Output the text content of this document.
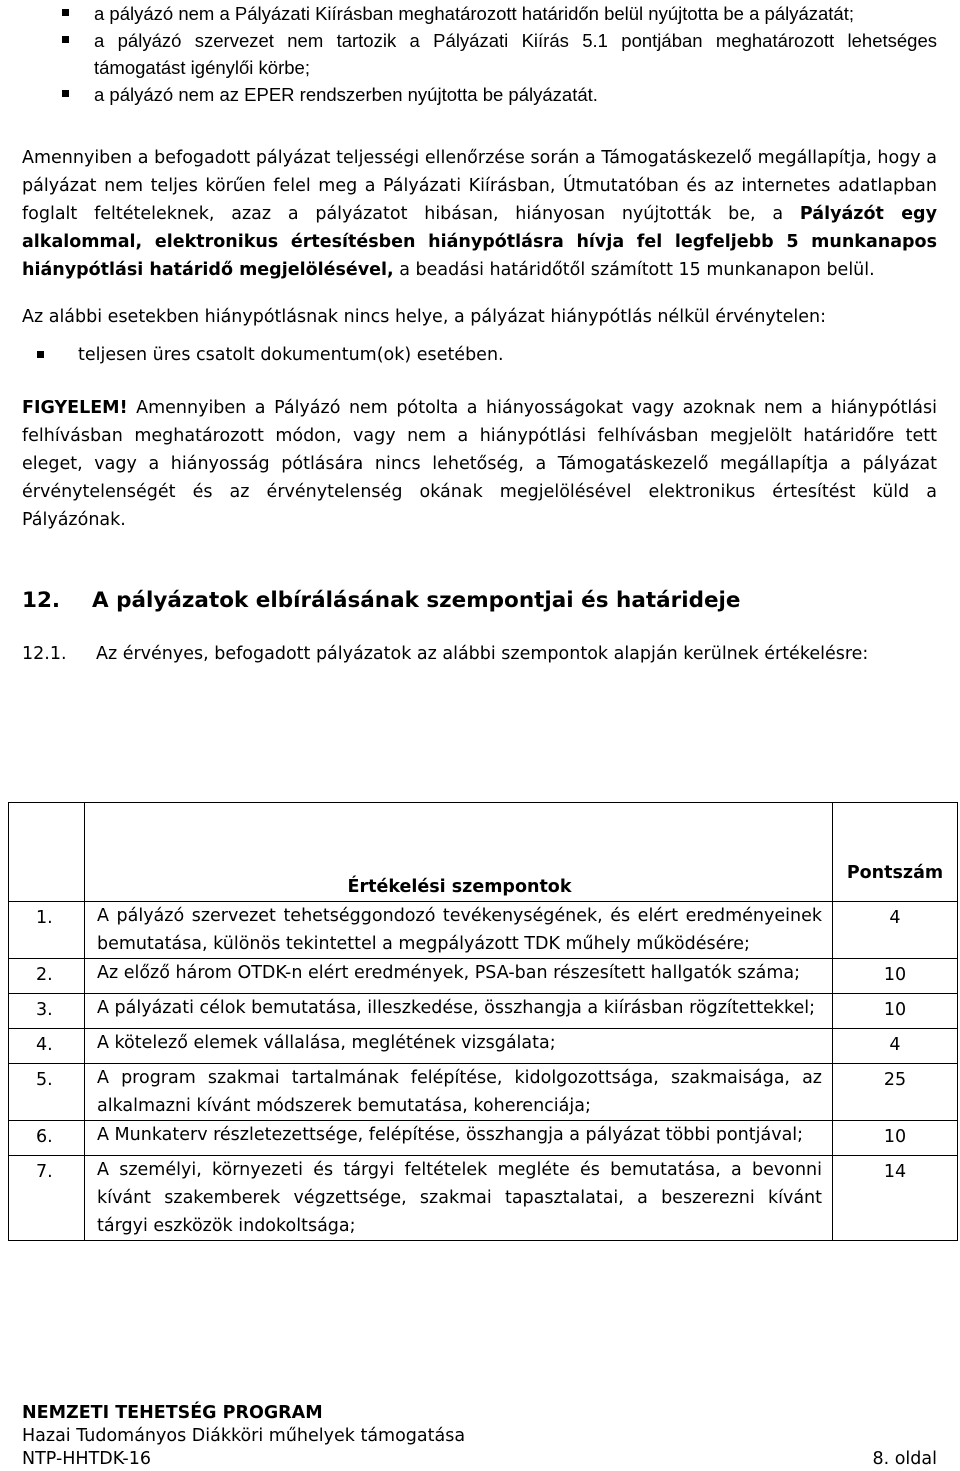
a pályázó nem a Pályázati Kiírásban meghatározott határidőn belül nyújtotta be a pályázatát;
a pályázó szervezet nem tartozik a Pályázati Kiírás 5.1 pontjában meghatározott lehetséges támogatást igénylői körbe;
a pályázó nem az EPER rendszerben nyújtotta be pályázatát.

Amennyiben a befogadott pályázat teljességi ellenőrzése során a Támogatáskezelő megállapítja, hogy a pályázat nem teljes körűen felel meg a Pályázati Kiírásban, Útmutatóban és az internetes adatlapban foglalt feltételeknek, azaz a pályázatot hibásan, hiányosan nyújtották be, a Pályázót egy alkalommal, elektronikus értesítésben hiánypótlásra hívja fel legfeljebb 5 munkanapos hiánypótlási határidő megjelölésével, a beadási határidőtől számított 15 munkanapon belül.

Az alábbi esetekben hiánypótlásnak nincs helye, a pályázat hiánypótlás nélkül érvénytelen:

teljesen üres csatolt dokumentum(ok) esetében.

FIGYELEM! Amennyiben a Pályázó nem pótolta a hiányosságokat vagy azoknak nem a hiánypótlási felhívásban meghatározott módon, vagy nem a hiánypótlási felhívásban megjelölt határidőre tett eleget, vagy a hiányosság pótlására nincs lehetőség, a Támogatáskezelő megállapítja a pályázat érvénytelenségét és az érvénytelenség okának megjelölésével elektronikus értesítést küld a Pályázónak.

12. A pályázatok elbírálásának szempontjai és határideje

12.1. Az érvényes, befogadott pályázatok az alábbi szempontok alapján kerülnek értékelésre:

	Értékelési szempontok	Pontszám
1.	A pályázó szervezet tehetséggondozó tevékenységének, és elért eredményeinek bemutatása, különös tekintettel a megpályázott TDK műhely működésére;	4
2.	Az előző három OTDK-n elért eredmények, PSA-ban részesített hallgatók száma;	10
3.	A pályázati célok bemutatása, illeszkedése, összhangja a kiírásban rögzítettekkel;	10
4.	A kötelező elemek vállalása, meglétének vizsgálata;	4
5.	A program szakmai tartalmának felépítése, kidolgozottsága, szakmaisága, az alkalmazni kívánt módszerek bemutatása, koherenciája;	25
6.	A Munkaterv részletezettsége, felépítése, összhangja a pályázat többi pontjával;	10
7.	A személyi, környezeti és tárgyi feltételek megléte és bemutatása, a bevonni kívánt szakemberek végzettsége, szakmai tapasztalatai, a beszerezni kívánt tárgyi eszközök indokoltsága;	14
NEMZETI TEHETSÉG PROGRAM
Hazai Tudományos Diákköri műhelyek támogatása
NTP-HHTDK-16	8. oldal
